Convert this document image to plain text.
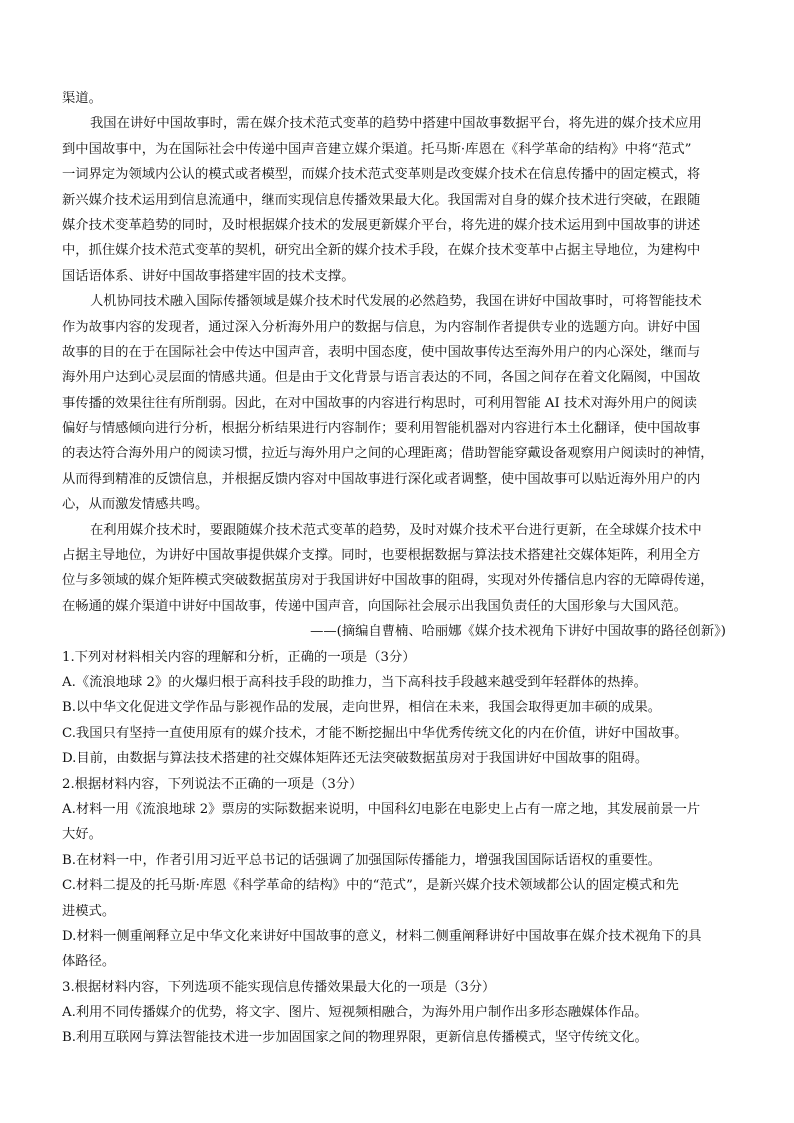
渠道。
我国在讲好中国故事时，需在媒介技术范式变革的趋势中搭建中国故事数据平台，将先进的媒介技术应用
到中国故事中，为在国际社会中传递中国声音建立媒介渠道。托马斯·库恩在《科学革命的结构》中将“范式”
一词界定为领域内公认的模式或者模型，而媒介技术范式变革则是改变媒介技术在信息传播中的固定模式，将
新兴媒介技术运用到信息流通中，继而实现信息传播效果最大化。我国需对自身的媒介技术进行突破，在跟随
媒介技术变革趋势的同时，及时根据媒介技术的发展更新媒介平台，将先进的媒介技术运用到中国故事的讲述
中，抓住媒介技术范式变革的契机，研究出全新的媒介技术手段，在媒介技术变革中占据主导地位，为建构中
国话语体系、讲好中国故事搭建牢固的技术支撑。
人机协同技术融入国际传播领域是媒介技术时代发展的必然趋势，我国在讲好中国故事时，可将智能技术
作为故事内容的发现者，通过深入分析海外用户的数据与信息，为内容制作者提供专业的选题方向。讲好中国
故事的目的在于在国际社会中传达中国声音，表明中国态度，使中国故事传达至海外用户的内心深处，继而与
海外用户达到心灵层面的情感共通。但是由于文化背景与语言表达的不同，各国之间存在着文化隔阂，中国故
事传播的效果往往有所削弱。因此，在对中国故事的内容进行构思时，可利用智能 AI 技术对海外用户的阅读
偏好与情感倾向进行分析，根据分析结果进行内容制作；要利用智能机器对内容进行本土化翻译，使中国故事
的表达符合海外用户的阅读习惯，拉近与海外用户之间的心理距离；借助智能穿戴设备观察用户阅读时的神情，
从而得到精准的反馈信息，并根据反馈内容对中国故事进行深化或者调整，使中国故事可以贴近海外用户的内
心，从而激发情感共鸣。
在利用媒介技术时，要跟随媒介技术范式变革的趋势，及时对媒介技术平台进行更新，在全球媒介技术中
占据主导地位，为讲好中国故事提供媒介支撑。同时，也要根据数据与算法技术搭建社交媒体矩阵，利用全方
位与多领域的媒介矩阵模式突破数据茧房对于我国讲好中国故事的阻碍，实现对外传播信息内容的无障碍传递，
在畅通的媒介渠道中讲好中国故事，传递中国声音，向国际社会展示出我国负责任的大国形象与大国风范。
——(摘编自曹楠、哈丽娜《媒介技术视角下讲好中国故事的路径创新》)
1.下列对材料相关内容的理解和分析，正确的一项是（3分）
A.《流浪地球 2》的火爆归根于高科技手段的助推力，当下高科技手段越来越受到年轻群体的热捧。
B.以中华文化促进文学作品与影视作品的发展，走向世界，相信在未来，我国会取得更加丰硕的成果。
C.我国只有坚持一直使用原有的媒介技术，才能不断挖掘出中华优秀传统文化的内在价值，讲好中国故事。
D.目前，由数据与算法技术搭建的社交媒体矩阵还无法突破数据茧房对于我国讲好中国故事的阻碍。
2.根据材料内容，下列说法不正确的一项是（3分）
A.材料一用《流浪地球 2》票房的实际数据来说明，中国科幻电影在电影史上占有一席之地，其发展前景一片
大好。
B.在材料一中，作者引用习近平总书记的话强调了加强国际传播能力，增强我国国际话语权的重要性。
C.材料二提及的托马斯·库恩《科学革命的结构》中的“范式”，是新兴媒介技术领域都公认的固定模式和先
进模式。
D.材料一侧重阐释立足中华文化来讲好中国故事的意义，材料二侧重阐释讲好中国故事在媒介技术视角下的具
体路径。
3.根据材料内容，下列选项不能实现信息传播效果最大化的一项是（3分）
A.利用不同传播媒介的优势，将文字、图片、短视频相融合，为海外用户制作出多形态融媒体作品。
B.利用互联网与算法智能技术进一步加固国家之间的物理界限，更新信息传播模式，坚守传统文化。
